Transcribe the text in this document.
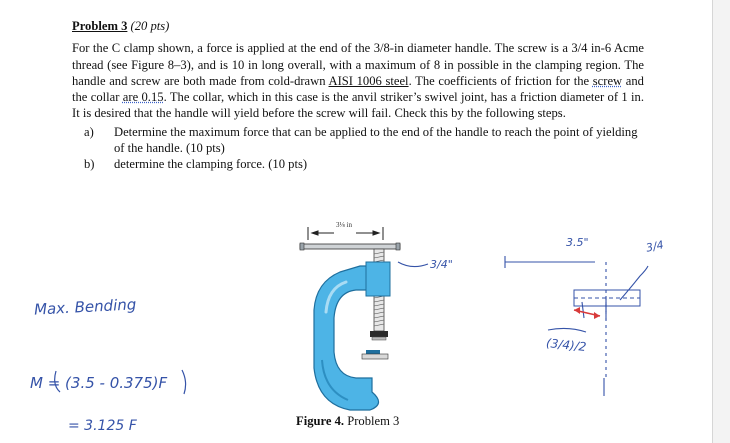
Problem 3 (20 pts)

For the C clamp shown, a force is applied at the end of the 3/8-in diameter handle. The screw is a 3/4 in-6 Acme thread (see Figure 8–3), and is 10 in long overall, with a maximum of 8 in possible in the clamping region. The handle and screw are both made from cold-drawn AISI 1006 steel. The coefficients of friction for the screw and the collar are 0.15. The collar, which in this case is the anvil striker’s swivel joint, has a friction diameter of 1 in. It is desired that the handle will yield before the screw will fail. Check this by the following steps.

a)	Determine the maximum force that can be applied to the end of the handle to reach the point of yielding of the handle. (10 pts)
b)	determine the clamping force. (10 pts)
3⅛ in
Max. Bending
M = (3.5 - 0.375)F
= 3.125 F
3/4"
3.5"	3/4
(3/4)/2
Figure 4. Problem 3
